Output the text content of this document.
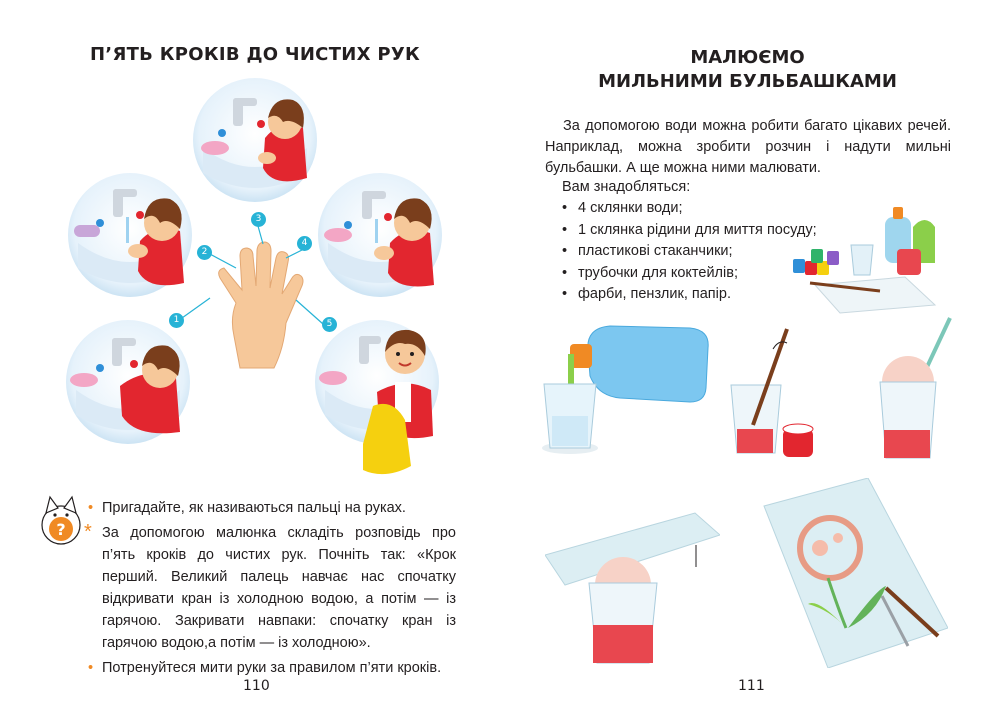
П’ЯТЬ КРОКІВ ДО ЧИСТИХ РУК
1
2
3
4
5
?

• Пригадайте, як називаються пальці на руках.

* За допомогою малюнка складіть розповідь про п’ять кроків до чистих рук. Почніть так: «Крок перший. Великий палець навчає нас спочатку відкривати кран із холодною водою, а потім — із гарячою. Закривати навпаки: спочатку кран із гарячою водою,а потім — із холодною».

• Потренуйтеся мити руки за правилом п’яти кроків.

110
МАЛЮЄМО
МИЛЬНИМИ БУЛЬБАШКАМИ

За допомогою води можна робити багато цікавих речей. Наприклад, можна зробити розчин і надути мильні бульбашки. А ще можна ними малювати.

Вам знадобляться:
• 4 склянки води;
• 1 склянка рідини для миття посуду;
• пластикові стаканчики;
• трубочки для коктейлів;
• фарби, пензлик, папір.
111
